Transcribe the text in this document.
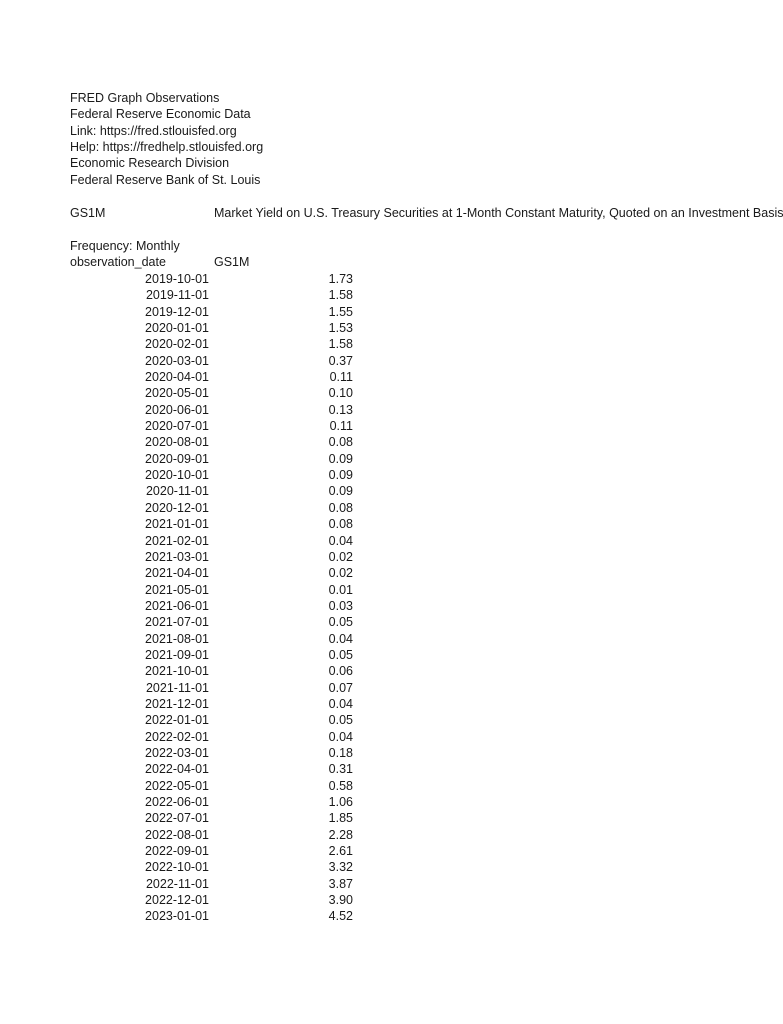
FRED Graph Observations
Federal Reserve Economic Data
Link: https://fred.stlouisfed.org
Help: https://fredhelp.stlouisfed.org
Economic Research Division
Federal Reserve Bank of St. Louis
GS1M	Market Yield on U.S. Treasury Securities at 1-Month Constant Maturity, Quoted on an Investment Basis
Frequency: Monthly
observation_date	GS1M
2019-10-01	1.73
2019-11-01	1.58
2019-12-01	1.55
2020-01-01	1.53
2020-02-01	1.58
2020-03-01	0.37
2020-04-01	0.11
2020-05-01	0.10
2020-06-01	0.13
2020-07-01	0.11
2020-08-01	0.08
2020-09-01	0.09
2020-10-01	0.09
2020-11-01	0.09
2020-12-01	0.08
2021-01-01	0.08
2021-02-01	0.04
2021-03-01	0.02
2021-04-01	0.02
2021-05-01	0.01
2021-06-01	0.03
2021-07-01	0.05
2021-08-01	0.04
2021-09-01	0.05
2021-10-01	0.06
2021-11-01	0.07
2021-12-01	0.04
2022-01-01	0.05
2022-02-01	0.04
2022-03-01	0.18
2022-04-01	0.31
2022-05-01	0.58
2022-06-01	1.06
2022-07-01	1.85
2022-08-01	2.28
2022-09-01	2.61
2022-10-01	3.32
2022-11-01	3.87
2022-12-01	3.90
2023-01-01	4.52
